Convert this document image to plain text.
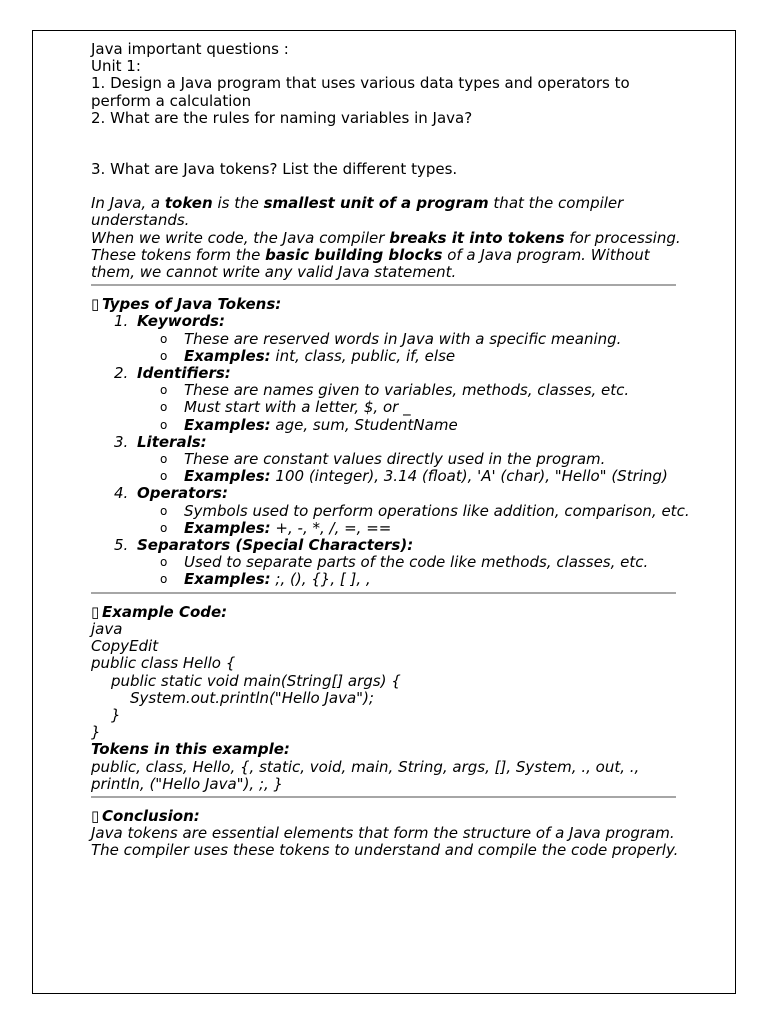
Java important questions :

Unit 1:

1. Design a Java program that uses various data types and operators to perform a calculation

2. What are the rules for naming variables in Java?

3. What are Java tokens? List the different types.

In Java, a token is the smallest unit of a program that the compiler understands.

When we write code, the Java compiler breaks it into tokens for processing.

These tokens form the basic building blocks of a Java program. Without them, we cannot write any valid Java statement.

▯ Types of Java Tokens:

1. Keywords:
o These are reserved words in Java with a specific meaning.
o Examples: int, class, public, if, else
2. Identifiers:
o These are names given to variables, methods, classes, etc.
o Must start with a letter, $, or _
o Examples: age, sum, StudentName
3. Literals:
o These are constant values directly used in the program.
o Examples: 100 (integer), 3.14 (float), 'A' (char), "Hello" (String)
4. Operators:
o Symbols used to perform operations like addition, comparison, etc.
o Examples: +, -, *, /, =, ==
5. Separators (Special Characters):
o Used to separate parts of the code like methods, classes, etc.
o Examples: ;, (), {}, [ ], ,

▯ Example Code:

java

CopyEdit

public class Hello {

public static void main(String[] args) {

System.out.println("Hello Java");

}

}

Tokens in this example:

public, class, Hello, {, static, void, main, String, args, [], System, ., out, ., println, ("Hello Java"), ;, }

▯ Conclusion:

Java tokens are essential elements that form the structure of a Java program. The compiler uses these tokens to understand and compile the code properly.
